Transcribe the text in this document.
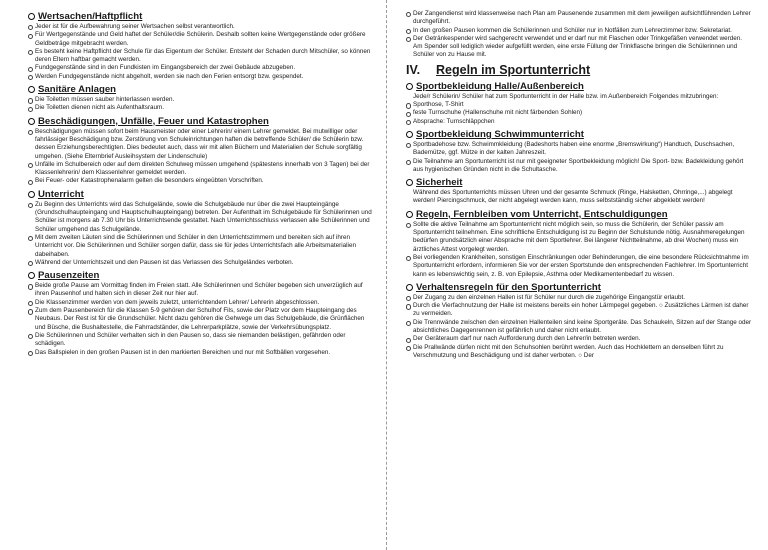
Wertsachen/Haftpflicht
Jeder ist für die Aufbewahrung seiner Wertsachen selbst verantwortlich.
Für Wertgegenstände und Geld haftet der Schüler/die Schülerin. Deshalb sollten keine Wertgegenstände oder größere Geldbeträge mitgebracht werden.
Es besteht keine Haftpflicht der Schule für das Eigentum der Schüler. Entsteht der Schaden durch Mitschüler, so können deren Eltern haftbar gemacht werden.
Fundgegenstände sind in den Fundkisten im Eingangsbereich der zwei Gebäude abzugeben.
Werden Fundgegenstände nicht abgeholt, werden sie nach den Ferien entsorgt bzw. gespendet.
Sanitäre Anlagen
Die Toiletten müssen sauber hinterlassen werden.
Die Toiletten dienen nicht als Aufenthaltsraum.
Beschädigungen, Unfälle, Feuer und Katastrophen
Beschädigungen müssen sofort beim Hausmeister oder einer Lehrerin/ einem Lehrer gemeldet. Bei mutwilliger oder fahrlässiger Beschädigung bzw. Zerstörung von Schuleinrichtungen haften die betreffende Schüler/ die Schülerin bzw. dessen Erziehungsberechtigten. Dies bedeutet auch, dass wir mit allen Büchern und Materialien der Schule sorgfältig umgehen. (Siehe Elternbrief Ausleihsystem der Lindenschule)
Unfälle im Schulbereich oder auf dem direkten Schulweg müssen umgehend (spätestens innerhalb von 3 Tagen) bei der Klassenlehrerin/ dem Klassenlehrer gemeldet werden.
Bei Feuer- oder Katastrophenalarm gelten die besonders eingeübten Vorschriften.
Unterricht
Zu Beginn des Unterrichts wird das Schulgelände, sowie die Schulgebäude nur über die zwei Haupteingänge (Grundschulhaupteingang und Hauptschulhaupteingang) betreten. Der Aufenthalt im Schulgebäude für Schülerinnen und Schüler ist morgens ab 7.30 Uhr bis Unterrichtsende gestattet. Nach Unterrichtsschluss verlassen alle Schülerinnen und Schüler umgehend das Schulgelände.
Mit dem zweiten Läuten sind die Schülerinnen und Schüler in den Unterrichtszimmern und bereiten sich auf ihren Unterricht vor. Die Schülerinnen und Schüler sorgen dafür, dass sie für jedes Unterrichtsfach alle Arbeitsmaterialien dabeihaben.
Während der Unterrichtszeit und den Pausen ist das Verlassen des Schulgeländes verboten.
Pausenzeiten
Beide große Pause am Vormittag finden im Freien statt. Alle Schülerinnen und Schüler begeben sich unverzüglich auf ihren Pausenhof und halten sich in dieser Zeit nur hier auf.
Die Klassenzimmer werden von dem jeweils zuletzt, unterrichtendem Lehrer/ Lehrerin abgeschlossen.
Zum dem Pausenbereich für die Klassen 5-9 gehören der Schulhof Fils, sowie der Platz vor dem Haupteingang des Neubaus. Der Rest ist für die Grundschüler. Nicht dazu gehören die Gehwege um das Schulgebäude, die Grünflächen und Büsche, die Bushaltestelle, die Fahrradständer, die Lehrerparkplätze, sowie der Verkehrsübungsplatz.
Die Schülerinnen und Schüler verhalten sich in den Pausen so, dass sie niemanden belästigen, gefährden oder schädigen.
Das Ballspielen in den großen Pausen ist in den markierten Bereichen und nur mit Softbällen vorgesehen.
Der Zangendienst wird klassenweise nach Plan am Pausenende zusammen mit dem jeweiligen aufsichtführenden Lehrer durchgeführt.
In den großen Pausen kommen die Schülerinnen und Schüler nur in Notfällen zum Lehrerzimmer bzw. Sekretariat.
Der Getränkespender wird sachgerecht verwendet und er darf nur mit Flaschen oder Trinkgefäßen verwendet werden. Am Spender soll lediglich wieder aufgefüllt werden, eine erste Füllung der Trinkflasche bringen die Schülerinnen und Schüler von zu Hause mit.
IV.	Regeln im Sportunterricht
Sportbekleidung Halle/Außenbereich
Jede/r Schülerin/ Schüler hat zum Sportunterricht in der Halle bzw. im Außenbereich Folgendes mitzubringen:
Sporthose, T-Shirt
feste Turnschuhe (Hallenschuhe mit nicht färbenden Sohlen)
Absprache: Turnschläppchen
Sportbekleidung Schwimmunterricht
Sportbadehose bzw. Schwimmkleidung (Badeshorts haben eine enorme „Bremswirkung“) Handtuch, Duschsachen, Bademütze, ggf. Mütze in der kalten Jahreszeit.
Die Teilnahme am Sportunterricht ist nur mit geeigneter Sportbekleidung möglich! Die Sport- bzw. Badekleidung gehört aus hygienischen Gründen nicht in die Schultasche.
Sicherheit
Während des Sportunterrichts müssen Uhren und der gesamte Schmuck (Ringe, Halsketten, Ohrringe,...) abgelegt werden! Piercingschmuck, der nicht abgelegt werden kann, muss selbstständig sicher abgeklebt werden!
Regeln, Fernbleiben vom Unterricht, Entschuldigungen
Sollte die aktive Teilnahme am Sportunterricht nicht möglich sein, so muss die Schülerin, der Schüler passiv am Sportunterricht teilnehmen. Eine schriftliche Entschuldigung ist zu Beginn der Schulstunde nötig. Ausnahmeregelungen bedürfen grundsätzlich einer Absprache mit dem Sportlehrer. Bei längerer Nichtteilnahme, ab drei Wochen) muss ein ärztliches Attest vorgelegt werden.
Bei vorliegenden Krankheiten, sonstigen Einschränkungen oder Behinderungen, die eine besondere Rücksichtnahme im Sportunterricht erfordern, informieren Sie vor der ersten Sportstunde den entsprechenden Fachlehrer. Im Sportunterricht kann es lebenswichtig sein, z. B. von Epilepsie, Asthma oder Medikamentenbedarf zu wissen.
Verhaltensregeln für den Sportunterricht
Der Zugang zu den einzelnen Hallen ist für Schüler nur durch die zugehörige Eingangstür erlaubt.
Durch die Vierfachnutzung der Halle ist meistens bereits ein hoher Lärmpegel gegeben. ○ Zusätzliches Lärmen ist daher zu vermeiden.
Die Trennwände zwischen den einzelnen Hallenteilen sind keine Sportgeräte. Das Schaukeln, Sitzen auf der Stange oder absichtliches Dagegenrennen ist gefährlich und daher nicht erlaubt.
Der Geräteraum darf nur nach Aufforderung durch den Lehrer/in betreten werden.
Die Prallwände dürfen nicht mit den Schuhsohlen berührt werden. Auch das Hochklettern an denselben führt zu Verschmutzung und Beschädigung und ist daher verboten. ○ Der
